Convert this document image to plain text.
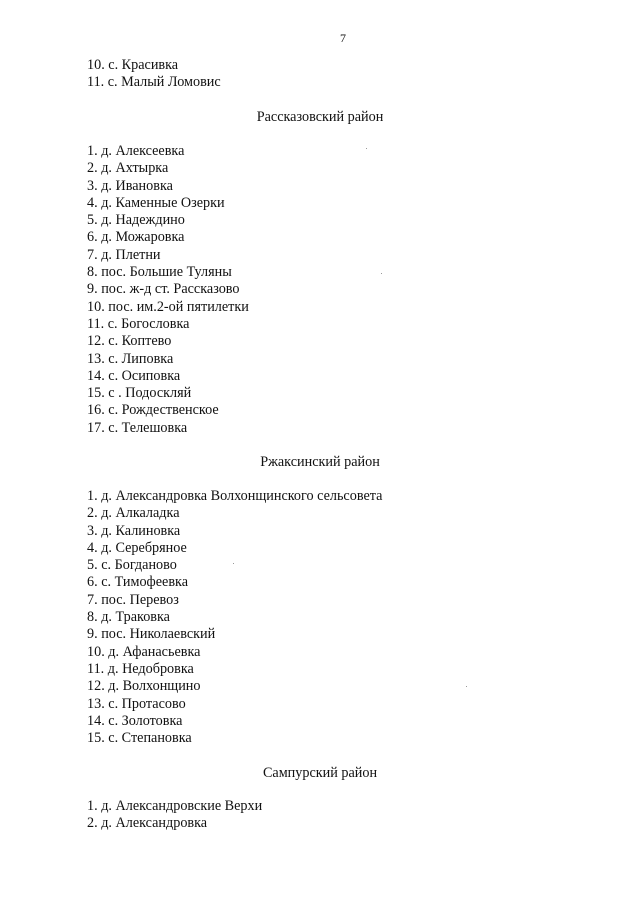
7
10. с. Красивка
11. с. Малый Ломовис
Рассказовский район
1. д. Алексеевка
2. д. Ахтырка
3. д. Ивановка
4. д. Каменные Озерки
5. д. Надеждино
6. д. Можаровка
7. д. Плетни
8. пос. Большие Туляны
9. пос. ж-д ст. Рассказово
10. пос. им.2-ой пятилетки
11. с. Богословка
12. с. Коптево
13. с. Липовка
14. с. Осиповка
15. с . Подоскляй
16. с. Рождественское
17. с. Телешовка
Ржаксинский район
1. д. Александровка Волхонщинского сельсовета
2. д. Алкаладка
3. д. Калиновка
4. д. Серебряное
5. с. Богданово
6. с. Тимофеевка
7. пос. Перевоз
8. д. Траковка
9. пос. Николаевский
10. д. Афанасьевка
11. д. Недобровка
12. д. Волхонщино
13. с. Протасово
14. с. Золотовка
15. с. Степановка
Сампурский район
1. д. Александровские Верхи
2. д. Александровка
